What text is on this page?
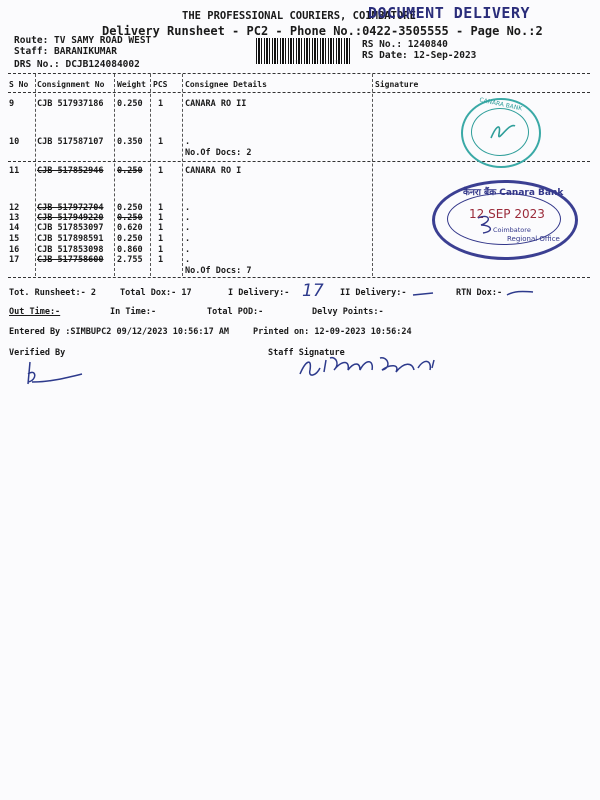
THE PROFESSIONAL COURIERS, COIMBATORE
DOCUMENT DELIVERY
Delivery Runsheet - PC2 - Phone No.:0422-3505555 - Page No.:2
Route: TV SAMY ROAD WEST
Staff: BARANIKUMAR
DRS No.: DCJB124084002
RS No.: 1240840
RS Date: 12-Sep-2023
S No Consignment No Weight PCS Consignee Details	Signature
9	CJB 517937186 0.250 1	CANARA RO II
10 CJB 517587107 0.350 1	.
No.Of Docs: 2
11 CJB 517852946 0.250 1	CANARA RO I
12 CJB 517972704 0.250 1	.
13 CJB 517949220 0.250 1	.
14 CJB 517853097 0.620 1	.
15 CJB 517898591 0.250 1	.
16 CJB 517853098 0.860 1	.
17 CJB 517758600 2.755 1	.
No.Of Docs: 7
CANARA BANK
केनरा बैंक Canara Bank
12 SEP 2023
Coimbatore
Regional Office
Tot. Runsheet:- 2	Total Dox:- 17	I Delivery:- 17 II Delivery:-	RTN Dox:-
Out Time:-	In Time:-	Total POD:-	Delvy Points:-
Entered By :SIMBUPC2 09/12/2023 10:56:17 AM	Printed on: 12-09-2023 10:56:24
Verified By	Staff Signature
